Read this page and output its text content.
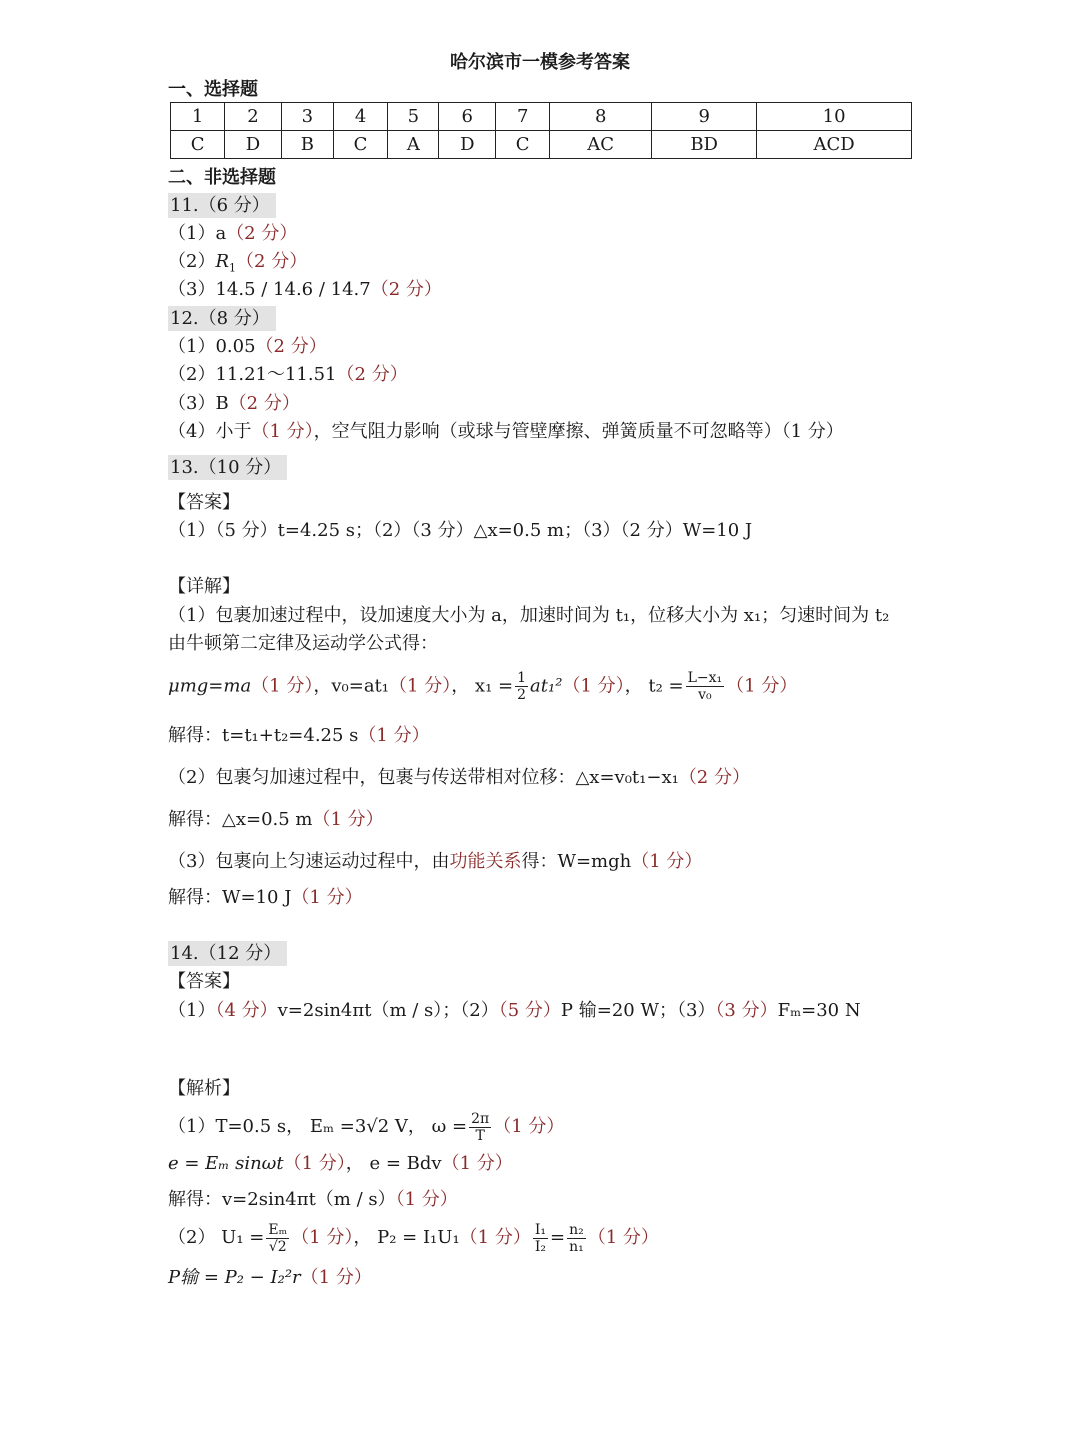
哈尔滨市一模参考答案
一、选择题
1	2	3	4	5	6	7	8	9	10
C	D	B	C	A	D	C	AC	BD	ACD
二、非选择题
11.（6 分）
（1）a（2 分）
$(2)R_1(2$ 分）
（3）14.5 / 14.6 / 14.7（2 分）
12.（8 分）
（1）0.05（2 分）
（2）11.21～11.51（2 分）
（3）B（2 分）
（4）小于（1 分），空气阻力影响（或球与管壁摩擦、弹簧质量不可忽略等）（1 分）
13.（10 分）
【答案】
（1）（5 分）t=4.25 s；（2）（3 分）△x=0.5 m；（3）（2 分）W=10 J
【详解】
（1）包裹加速过程中，设加速度大小为 a，加速时间为 t₁，位移大小为 x₁；匀速时间为 t₂
由牛顿第二定律及运动学公式得：
μmg=ma（1 分），v₀=at₁（1 分）， $x_1 = \frac{1}{2} at_1^2(1$ 分）， $t_2 = \frac{\text{L−x₁}}{\text{v₀}} (1$ 分）
解得：t=t₁+t₂=4.25 s（1 分）
（2）包裹匀加速过程中，包裹与传送带相对位移：△x=v₀t₁−x₁（2 分）
解得：△x=0.5 m（1 分）
（3）包裹向上匀速运动过程中，由功能关系得：W=mgh（1 分）
解得：W=10 J（1 分）
14.（12 分）
【答案】
（1）（4 分）v=2sin4πt（m / s）；（2）（5 分）P 输=20 W；（3）（3 分）Fₘ=30 N
【解析】
（1）T=0.5 s， Eₘ =3√2 V， $\omega = \frac{2\pi}{T} (1$ 分）
e = Eₘ sinωt（1 分）， e = Bdv（1 分）
解得：v=2sin4πt（m / s）（1 分）
（2） $U_1 = \frac{\text{Eₘ}}{√2} (1$ 分）， P₂ = I₁U₁（1 分） $\frac{\text{I₁}}{\text{I₂}} = \frac{\text{n₂}}{\text{n₁}} (1$ 分）
P输 = P₂ − I₂²r（1 分）
